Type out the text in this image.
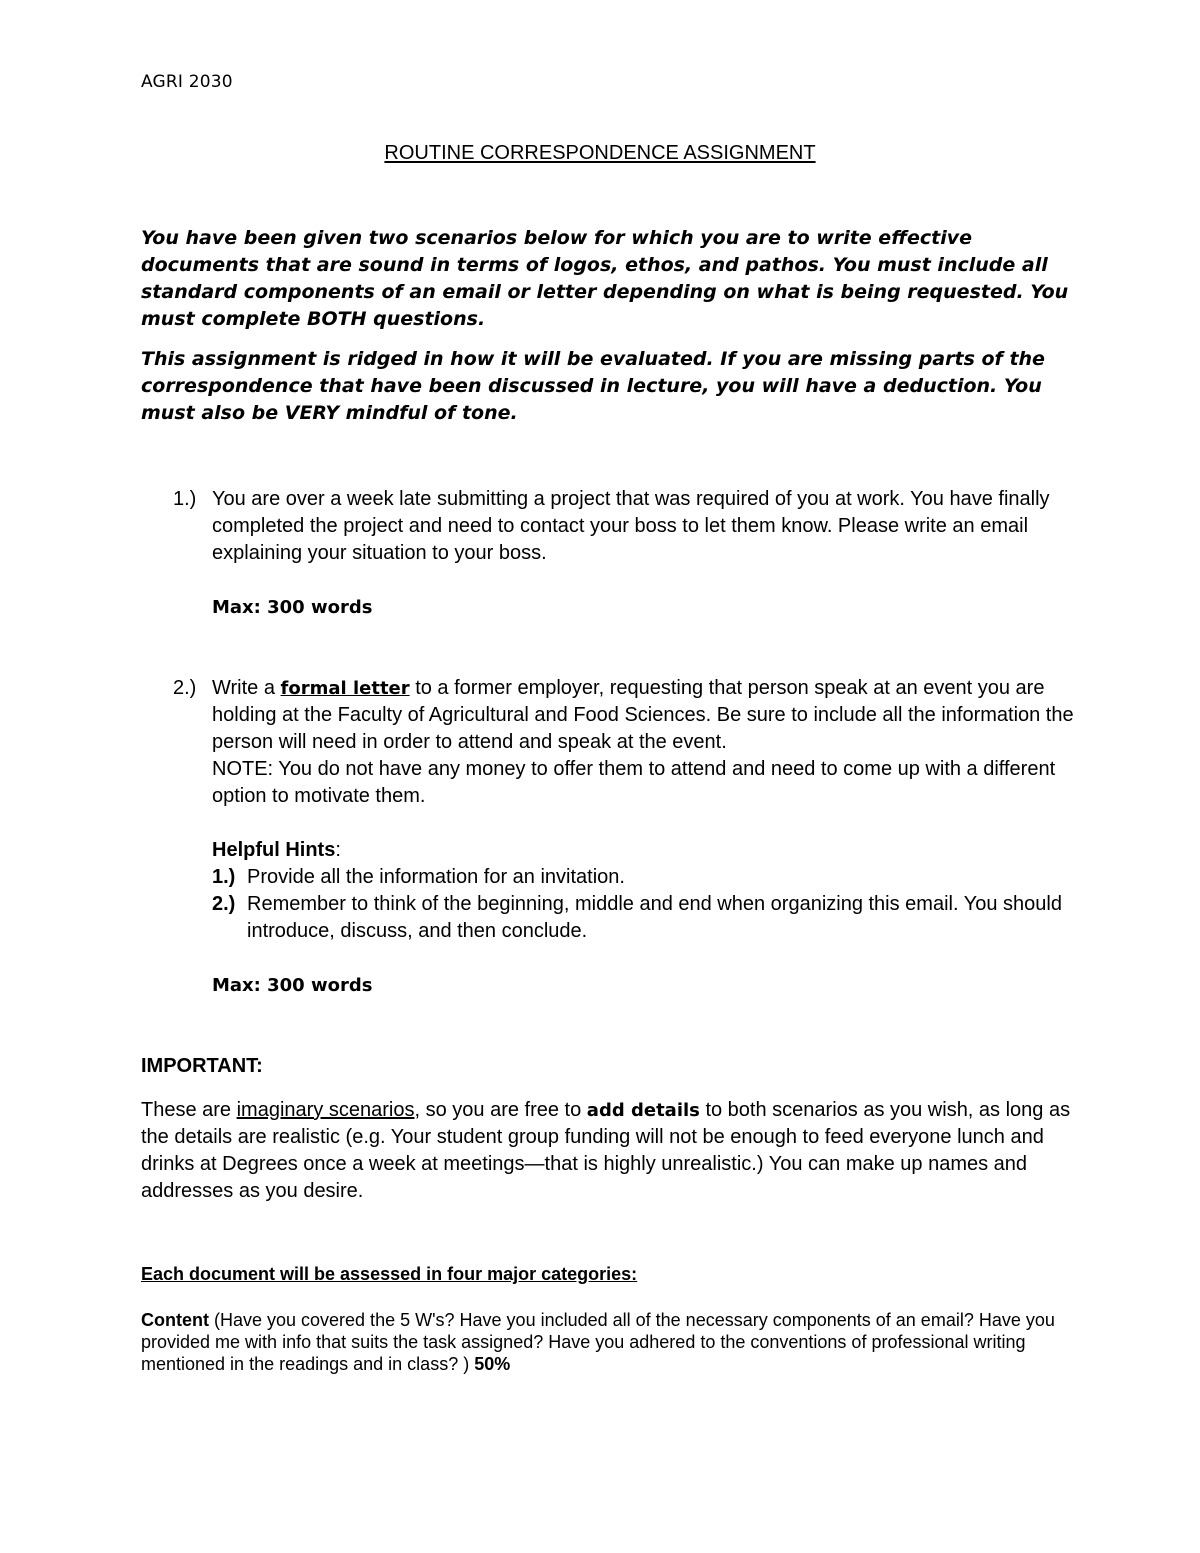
AGRI 2030
ROUTINE CORRESPONDENCE ASSIGNMENT

You have been given two scenarios below for which you are to write effective documents that are sound in terms of logos, ethos, and pathos. You must include all standard components of an email or letter depending on what is being requested. You must complete BOTH questions.

This assignment is ridged in how it will be evaluated. If you are missing parts of the correspondence that have been discussed in lecture, you will have a deduction. You must also be VERY mindful of tone.

1.) You are over a week late submitting a project that was required of you at work. You have finally completed the project and need to contact your boss to let them know. Please write an email explaining your situation to your boss.

Max: 300 words

2.) Write a formal letter to a former employer, requesting that person speak at an event you are holding at the Faculty of Agricultural and Food Sciences. Be sure to include all the information the person will need in order to attend and speak at the event.

NOTE: You do not have any money to offer them to attend and need to come up with a different option to motivate them.

Helpful Hints:

1.) Provide all the information for an invitation.
2.) Remember to think of the beginning, middle and end when organizing this email. You should introduce, discuss, and then conclude.

Max: 300 words

IMPORTANT:

These are imaginary scenarios, so you are free to add details to both scenarios as you wish, as long as the details are realistic (e.g. Your student group funding will not be enough to feed everyone lunch and drinks at Degrees once a week at meetings—that is highly unrealistic.) You can make up names and addresses as you desire.

Each document will be assessed in four major categories:

Content (Have you covered the 5 W's? Have you included all of the necessary components of an email? Have you provided me with info that suits the task assigned? Have you adhered to the conventions of professional writing mentioned in the readings and in class? ) 50%
